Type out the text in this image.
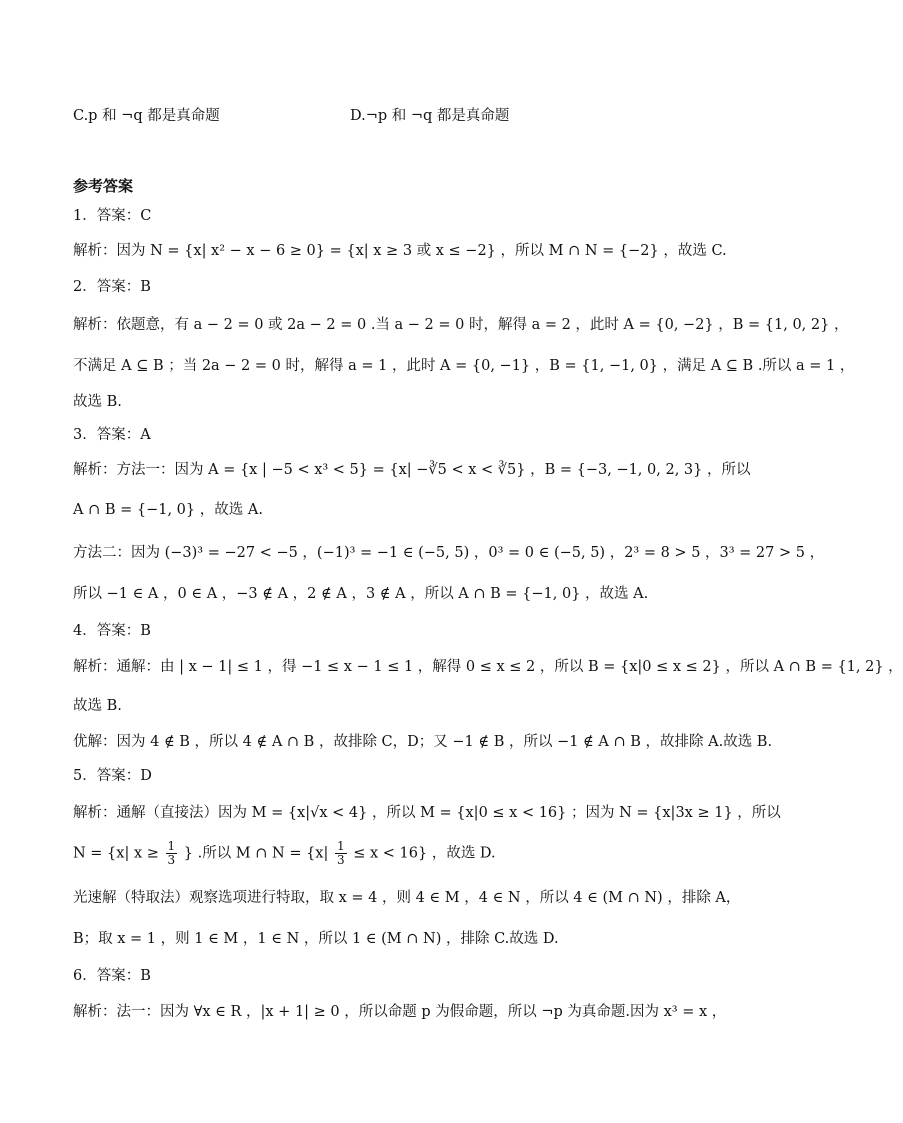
C.p 和 ¬q 都是真命题	D.¬p 和 ¬q 都是真命题
参考答案
1．答案：C
解析：因为 N = {x| x² − x − 6 ≥ 0} = {x| x ≥ 3 或 x ≤ −2} ，所以 M ∩ N = {−2} ，故选 C.
2．答案：B
解析：依题意，有 a − 2 = 0 或 2a − 2 = 0 .当 a − 2 = 0 时，解得 a = 2 ，此时 A = {0, −2} ，B = {1, 0, 2} ，
不满足 A ⊆ B ；当 2a − 2 = 0 时，解得 a = 1 ，此时 A = {0, −1} ，B = {1, −1, 0} ，满足 A ⊆ B .所以 a = 1 ，
故选 B.
3．答案：A
解析：方法一：因为 A = {x | −5 < x³ < 5} = {x| −∛5 < x < ∛5} ，B = {−3, −1, 0, 2, 3} ，所以
A ∩ B = {−1, 0} ，故选 A.
方法二：因为 (−3)³ = −27 < −5 ，(−1)³ = −1 ∈ (−5, 5) ，0³ = 0 ∈ (−5, 5) ，2³ = 8 > 5 ，3³ = 27 > 5 ，
所以 −1 ∈ A ，0 ∈ A ，−3 ∉ A ，2 ∉ A ，3 ∉ A ，所以 A ∩ B = {−1, 0} ，故选 A.
4．答案：B
解析：通解：由 | x − 1| ≤ 1 ，得 −1 ≤ x − 1 ≤ 1 ，解得 0 ≤ x ≤ 2 ，所以 B = {x|0 ≤ x ≤ 2} ，所以 A ∩ B = {1, 2} ，
故选 B.
优解：因为 4 ∉ B ，所以 4 ∉ A ∩ B ，故排除 C，D；又 −1 ∉ B ，所以 −1 ∉ A ∩ B ，故排除 A.故选 B.
5．答案：D
解析：通解（直接法）因为 M = {x|√x < 4} ，所以 M = {x|0 ≤ x < 16} ；因为 N = {x|3x ≥ 1} ，所以
N = {x| $x \ge \frac{1}{3}$ } .所以 M ∩ $N = \{x| \frac{1}{3} \le x < 16\}$ ，故选 D.
光速解（特取法）观察选项进行特取，取 x = 4 ，则 4 ∈ M ，4 ∈ N ，所以 4 ∈ (M ∩ N) ，排除 A，
B；取 x = 1 ，则 1 ∈ M ，1 ∈ N ，所以 1 ∈ (M ∩ N) ，排除 C.故选 D.
6．答案：B
解析：法一：因为 ∀x ∈ R ，|x + 1| ≥ 0 ，所以命题 p 为假命题，所以 ¬p 为真命题.因为 x³ = x ，
